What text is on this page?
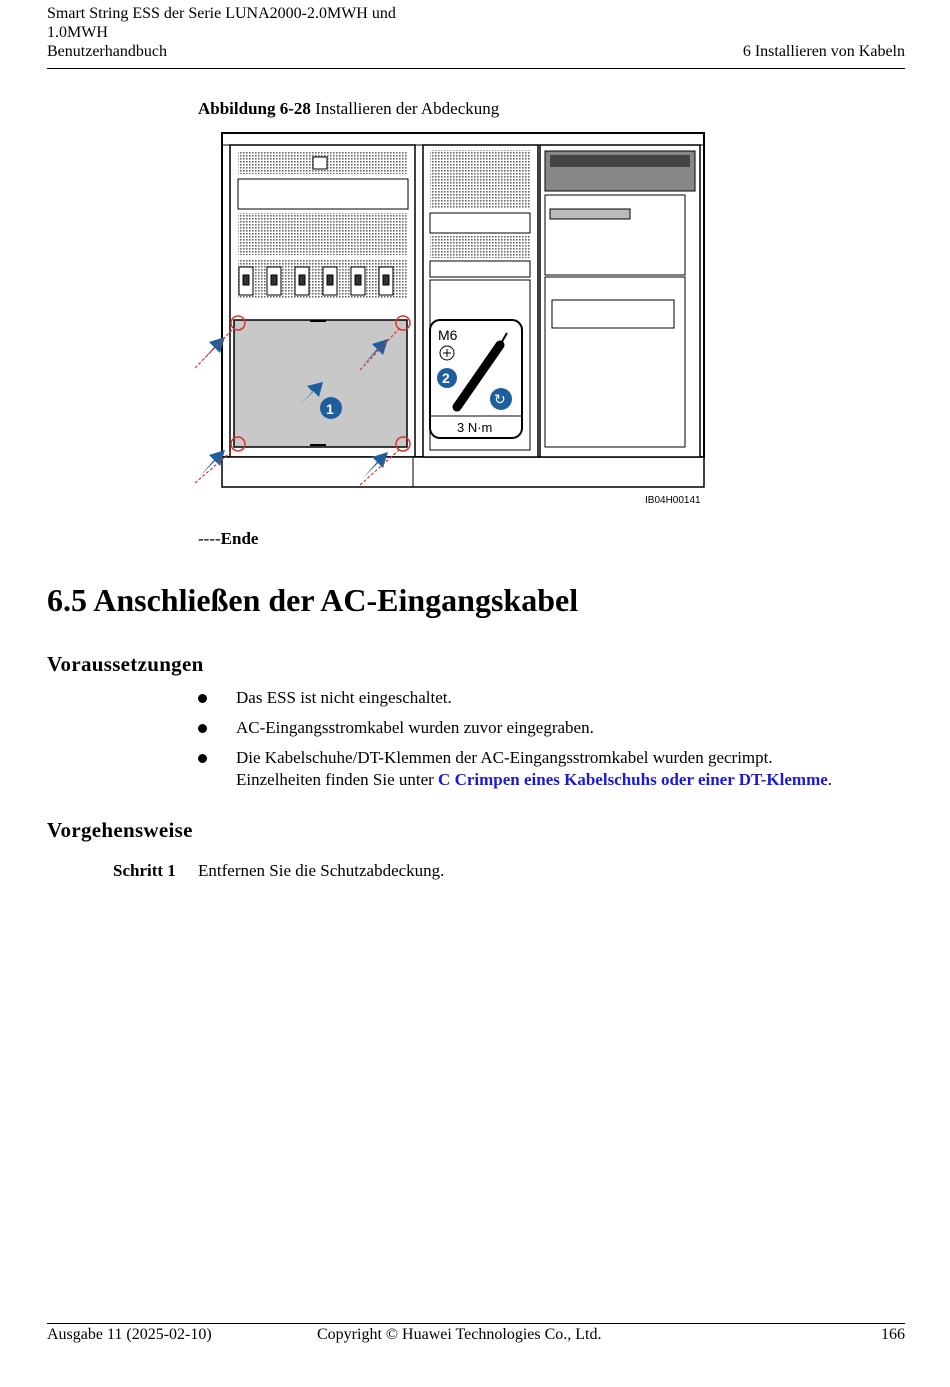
Smart String ESS der Serie LUNA2000-2.0MWH und
1.0MWH
Benutzerhandbuch	6 Installieren von Kabeln
Abbildung 6-28 Installieren der Abdeckung
M6
2
↻
3 N·m
1
IB04H00141
----Ende
6.5 Anschließen der AC-Eingangskabel
Voraussetzungen
Das ESS ist nicht eingeschaltet.
AC-Eingangsstromkabel wurden zuvor eingegraben.
Die Kabelschuhe/DT-Klemmen der AC-Eingangsstromkabel wurden gecrimpt.
Einzelheiten finden Sie unter C Crimpen eines Kabelschuhs oder einer DT-Klemme.
Vorgehensweise
Schritt 1 Entfernen Sie die Schutzabdeckung.
Ausgabe 11 (2025-02-10)	Copyright © Huawei Technologies Co., Ltd.	166
